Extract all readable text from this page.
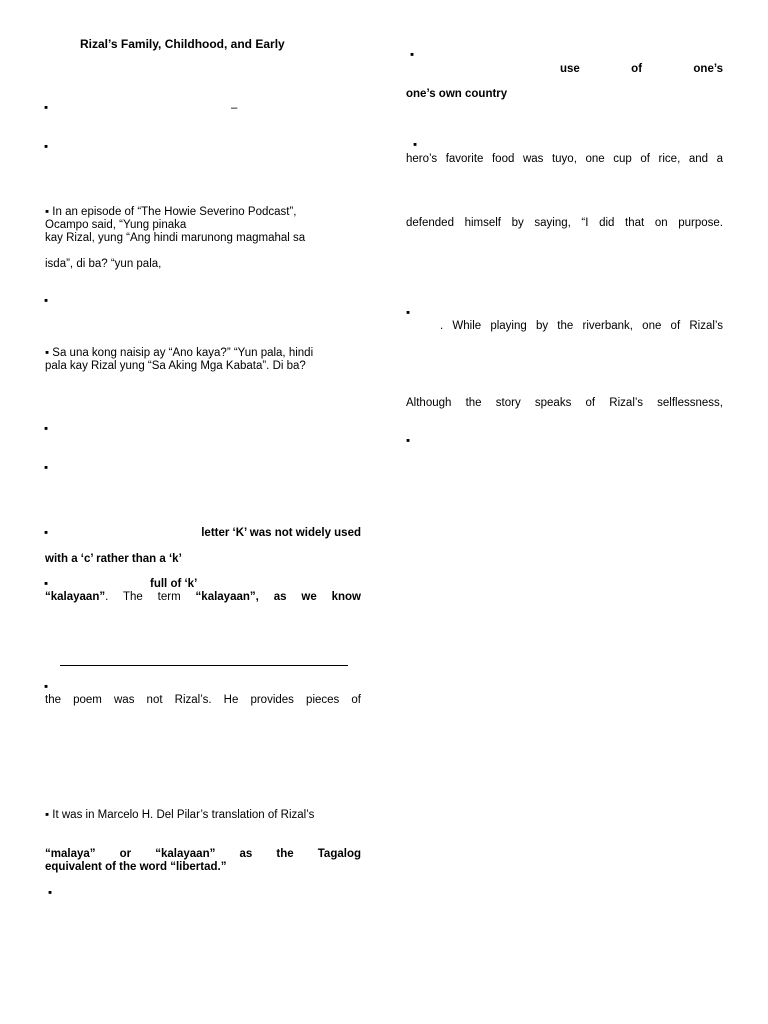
Rizal’s Family, Childhood, and Early
▪	–
▪
▪ In an episode of “The Howie Severino Podcast”,
Ocampo said, “Yung pinaka
kay Rizal, yung “Ang hindi marunong magmahal sa
isda”, di ba? “yun pala,
▪
▪ Sa una kong naisip ay “Ano kaya?” “Yun pala, hindi
pala kay Rizal yung “Sa Aking Mga Kabata”. Di ba?
▪
▪
▪	letter ‘K’ was not widely used
with a ‘c’ rather than a ‘k’
▪	full of ‘k’
“kalayaan”. The term “kalayaan”, as we know
▪
the poem was not Rizal’s. He provides pieces of
▪ It was in Marcelo H. Del Pilar’s translation of Rizal’s
“malaya” or “kalayaan” as the Tagalog
equivalent of the word “libertad.”
▪
▪
use of one’s
one’s own country
▪
hero’s favorite food was tuyo, one cup of rice, and a
defended himself by saying, “I did that on purpose.
▪
. While playing by the riverbank, one of Rizal’s
Although the story speaks of Rizal’s selflessness,
▪
